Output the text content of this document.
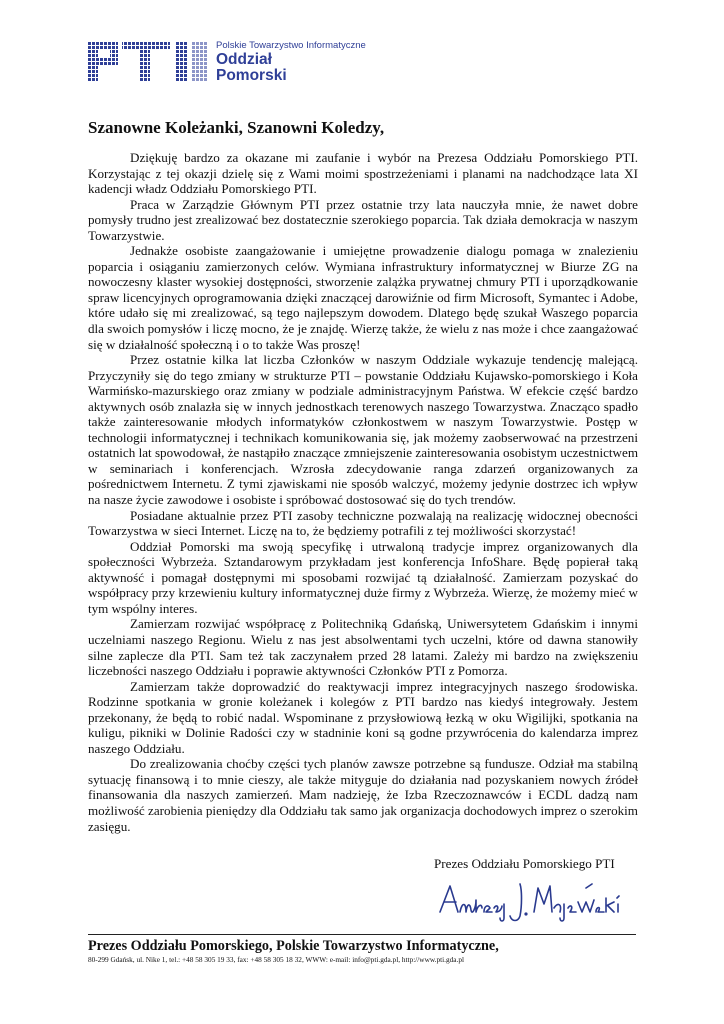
Polskie Towarzystwo Informatyczne
Oddział
Pomorski
Szanowne Koleżanki, Szanowni Koledzy,

Dziękuję bardzo za okazane mi zaufanie i wybór na Prezesa Oddziału Pomorskiego PTI. Korzystając z tej okazji dzielę się z Wami moimi spostrzeżeniami i planami na nadchodzące lata XI kadencji władz Oddziału Pomorskiego PTI.

Praca w Zarządzie Głównym PTI przez ostatnie trzy lata nauczyła mnie, że nawet dobre pomysły trudno jest zrealizować bez dostatecznie szerokiego poparcia. Tak działa demokracja w naszym Towarzystwie.

Jednakże osobiste zaangażowanie i umiejętne prowadzenie dialogu pomaga w znalezieniu poparcia i osiąganiu zamierzonych celów. Wymiana infrastruktury informatycznej w Biurze ZG na nowoczesny klaster wysokiej dostępności, stworzenie zalążka prywatnej chmury PTI i uporządkowanie spraw licencyjnych oprogramowania dzięki znaczącej darowiźnie od firm Microsoft, Symantec i Adobe, które udało się mi zrealizować, są tego najlepszym dowodem. Dlatego będę szukał Waszego poparcia dla swoich pomysłów i liczę mocno, że je znajdę. Wierzę także, że wielu z nas może i chce zaangażować się w działalność społeczną i o to także Was proszę!

Przez ostatnie kilka lat liczba Członków w naszym Oddziale wykazuje tendencję malejącą. Przyczyniły się do tego zmiany w strukturze PTI – powstanie Oddziału Kujawsko-pomorskiego i Koła Warmińsko-mazurskiego oraz zmiany w podziale administracyjnym Państwa. W efekcie część bardzo aktywnych osób znalazła się w innych jednostkach terenowych naszego Towarzystwa. Znacząco spadło także zainteresowanie młodych informatyków członkostwem w naszym Towarzystwie. Postęp w technologii informatycznej i technikach komunikowania się, jak możemy zaobserwować na przestrzeni ostatnich lat spowodował, że nastąpiło znaczące zmniejszenie zainteresowania osobistym uczestnictwem w seminariach i konferencjach. Wzrosła zdecydowanie ranga zdarzeń organizowanych za pośrednictwem Internetu. Z tymi zjawiskami nie sposób walczyć, możemy jedynie dostrzec ich wpływ na nasze życie zawodowe i osobiste i spróbować dostosować się do tych trendów.

Posiadane aktualnie przez PTI zasoby techniczne pozwalają na realizację widocznej obecności Towarzystwa w sieci Internet. Liczę na to, że będziemy potrafili z tej możliwości skorzystać!

Oddział Pomorski ma swoją specyfikę i utrwaloną tradycje imprez organizowanych dla społeczności Wybrzeża. Sztandarowym przykładam jest konferencja InfoShare. Będę popierał taką aktywność i pomagał dostępnymi mi sposobami rozwijać tą działalność. Zamierzam pozyskać do współpracy przy krzewieniu kultury informatycznej duże firmy z Wybrzeża. Wierzę, że możemy mieć w tym wspólny interes.

Zamierzam rozwijać współpracę z Politechniką Gdańską, Uniwersytetem Gdańskim i innymi uczelniami naszego Regionu. Wielu z nas jest absolwentami tych uczelni, które od dawna stanowiły silne zaplecze dla PTI. Sam też tak zaczynałem przed 28 latami. Zależy mi bardzo na zwiększeniu liczebności naszego Oddziału i poprawie aktywności Członków PTI z Pomorza.

Zamierzam także doprowadzić do reaktywacji imprez integracyjnych naszego środowiska. Rodzinne spotkania w gronie koleżanek i kolegów z PTI bardzo nas kiedyś integrowały. Jestem przekonany, że będą to robić nadal. Wspominane z przysłowiową łezką w oku Wigilijki, spotkania na kuligu, pikniki w Dolinie Radości czy w stadninie koni są godne przywrócenia do kalendarza imprez naszego Oddziału.

Do zrealizowania choćby części tych planów zawsze potrzebne są fundusze. Odział ma stabilną sytuację finansową i to mnie cieszy, ale także mityguje do działania nad pozyskaniem nowych źródeł finansowania dla naszych zamierzeń. Mam nadzieję, że Izba Rzeczoznawców i ECDL dadzą nam możliwość zarobienia pieniędzy dla Oddziału tak samo jak organizacja dochodowych imprez o szerokim zasięgu.

Prezes Oddziału Pomorskiego PTI
Prezes Oddziału Pomorskiego, Polskie Towarzystwo Informatyczne,
80-299 Gdańsk, ul. Nike 1, tel.: +48 58 305 19 33, fax: +48 58 305 18 32, WWW: e-mail: info@pti.gda.pl, http://www.pti.gda.pl
